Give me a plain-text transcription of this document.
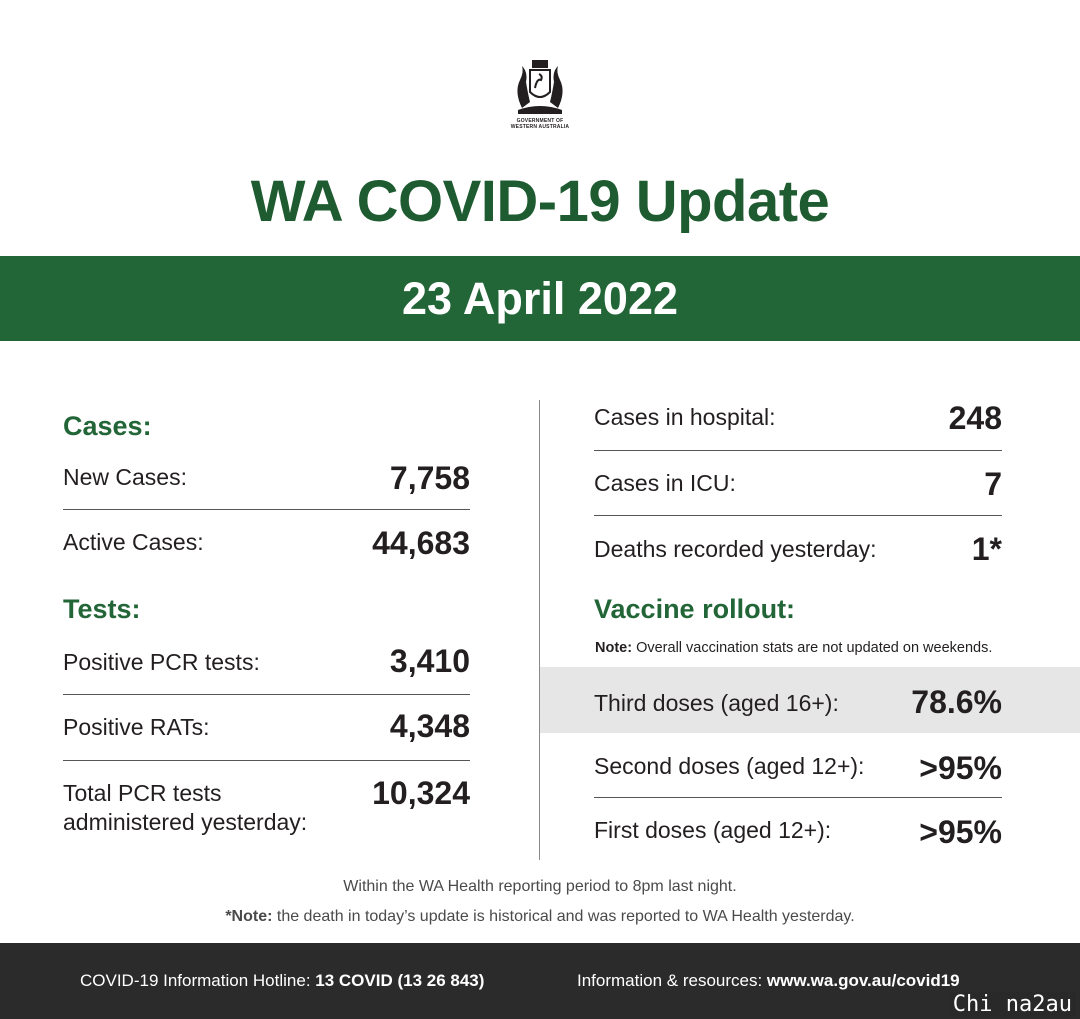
GOVERNMENT OF
WESTERN AUSTRALIA
WA COVID-19 Update
23 April 2022
Cases:
New Cases:	7,758
Active Cases:	44,683
Tests:
Positive PCR tests:	3,410
Positive RATs:	4,348
Total PCR tests
administered yesterday:
10,324
Cases in hospital:	248
Cases in ICU:	7
Deaths recorded yesterday:	1*
Vaccine rollout:
Note: Overall vaccination stats are not updated on weekends.
Third doses (aged 16+):	78.6%
Second doses (aged 12+):	>95%
First doses (aged 12+):	>95%
Within the WA Health reporting period to 8pm last night.
*Note: the death in today’s update is historical and was reported to WA Health yesterday.
COVID-19 Information Hotline: 13 COVID (13 26 843)	Information & resources: www.wa.gov.au/covid19
Chi na2au
